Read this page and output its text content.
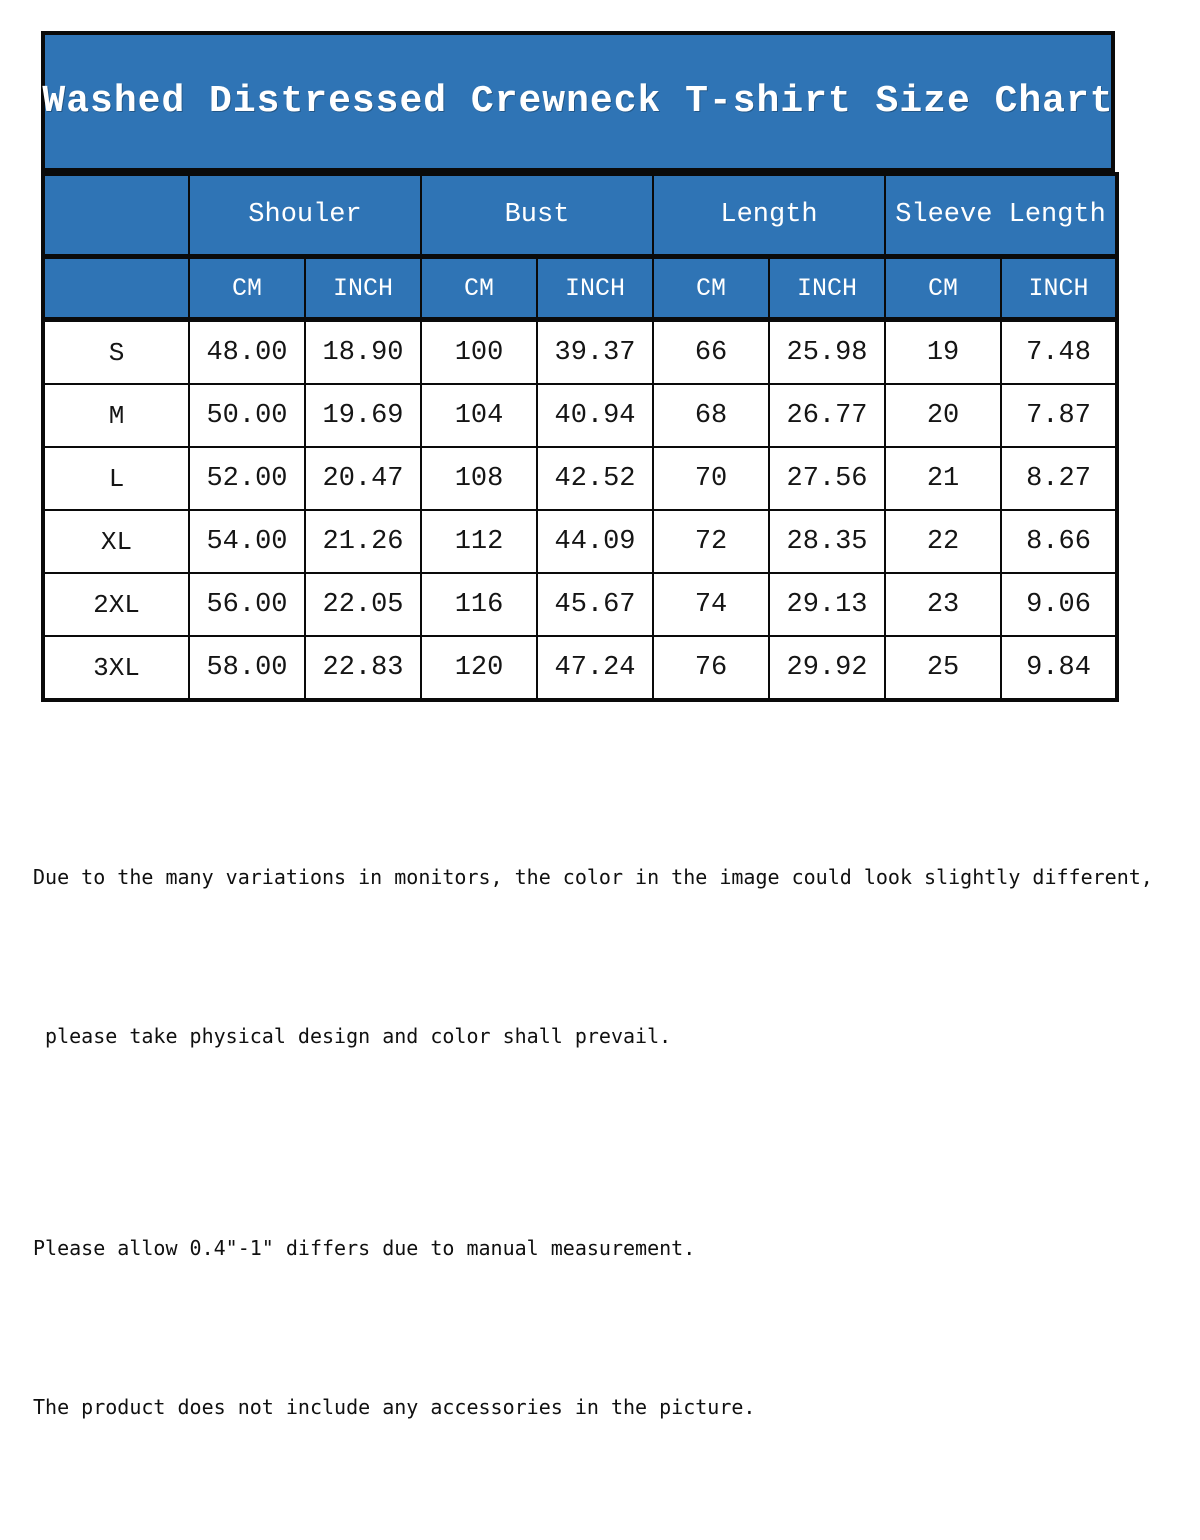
Washed Distressed Crewneck T-shirt Size Chart
	Shouler		Bust		Length		Sleeve Length	
	CM	INCH	CM	INCH	CM	INCH	CM	INCH
S	48.00	18.90	100	39.37	66	25.98	19	7.48
M	50.00	19.69	104	40.94	68	26.77	20	7.87
L	52.00	20.47	108	42.52	70	27.56	21	8.27
XL	54.00	21.26	112	44.09	72	28.35	22	8.66
2XL	56.00	22.05	116	45.67	74	29.13	23	9.06
3XL	58.00	22.83	120	47.24	76	29.92	25	9.84

Due to the many variations in monitors, the color in the image could look slightly different,

please take physical design and color shall prevail.

Please allow 0.4"-1" differs due to manual measurement.

The product does not include any accessories in the picture.
